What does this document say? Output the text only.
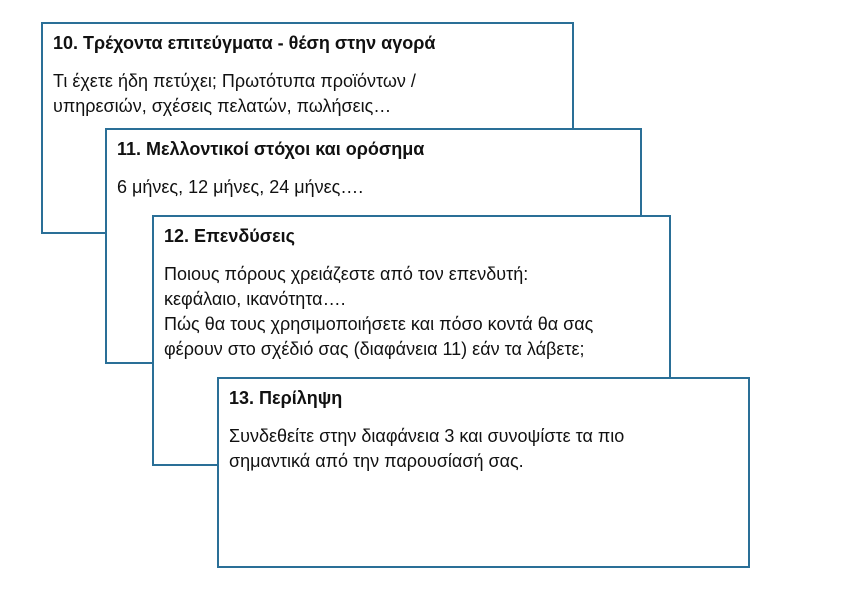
10. Τρέχοντα επιτεύγματα - θέση στην αγορά

Τι έχετε ήδη πετύχει; Πρωτότυπα προϊόντων /

υπηρεσιών, σχέσεις πελατών, πωλήσεις…

11. Μελλοντικοί στόχοι και ορόσημα

6 μήνες, 12 μήνες, 24 μήνες….

12. Επενδύσεις

Ποιους πόρους χρειάζεστε από τον επενδυτή:

κεφάλαιο, ικανότητα….

Πώς θα τους χρησιμοποιήσετε και πόσο κοντά θα σας

φέρουν στο σχέδιό σας (διαφάνεια 11) εάν τα λάβετε;

13. Περίληψη

Συνδεθείτε στην διαφάνεια 3 και συνοψίστε τα πιο

σημαντικά από την παρουσίασή σας.
